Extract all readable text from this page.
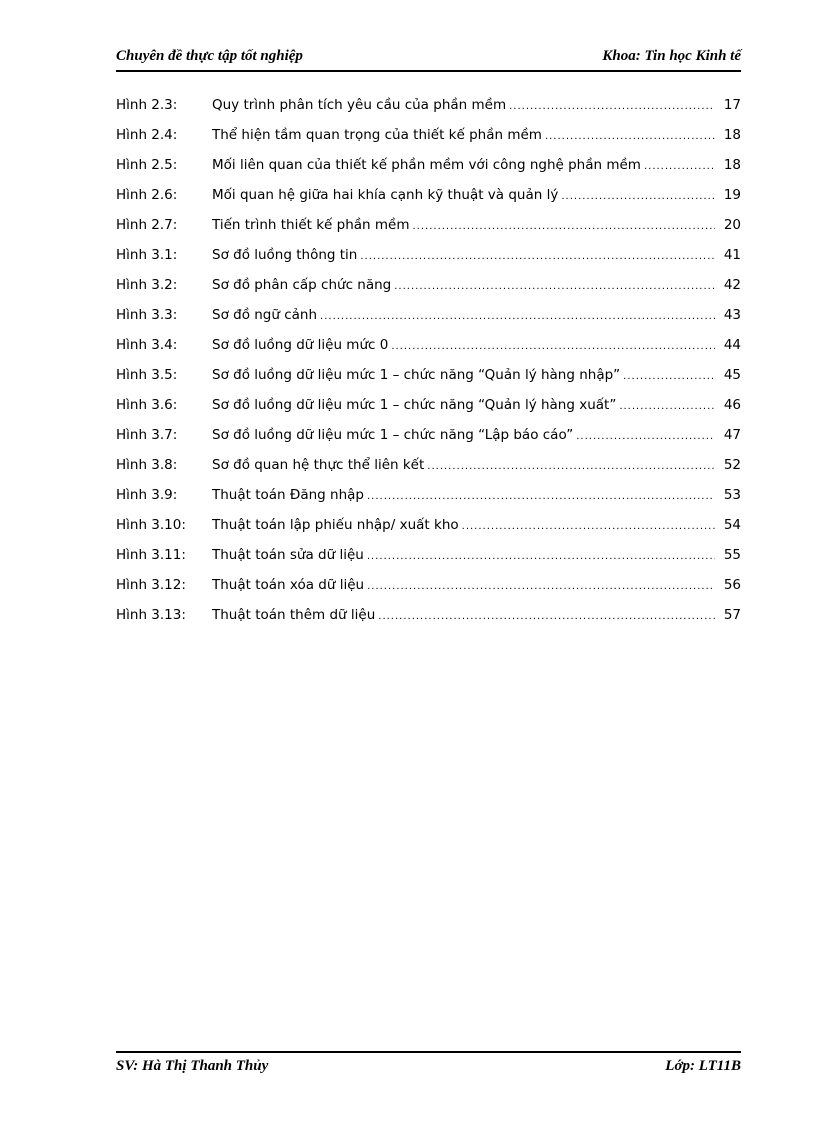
Chuyên đề thực tập tốt nghiệp	Khoa: Tin học Kinh tế
Hình 2.3:	Quy trình phân tích yêu cầu của phần mềm .....	17
Hình 2.4:	Thể hiện tầm quan trọng của thiết kế phần mềm .....	18
Hình 2.5:	Mối liên quan của thiết kế phần mềm với công nghệ phần mềm .....	18
Hình 2.6:	Mối quan hệ giữa hai khía cạnh kỹ thuật và quản lý .....	19
Hình 2.7:	Tiến trình thiết kế phần mềm .....	20
Hình 3.1:	Sơ đồ luồng thông tin .....	41
Hình 3.2:	Sơ đồ phân cấp chức năng .....	42
Hình 3.3:	Sơ đồ ngữ cảnh .....	43
Hình 3.4:	Sơ đồ luồng dữ liệu mức 0 .....	44
Hình 3.5:	Sơ đồ luồng dữ liệu mức 1 – chức năng “Quản lý hàng nhập” .....	45
Hình 3.6:	Sơ đồ luồng dữ liệu mức 1 – chức năng “Quản lý hàng xuất” .....	46
Hình 3.7:	Sơ đồ luồng dữ liệu mức 1 – chức năng “Lập báo cáo” .....	47
Hình 3.8:	Sơ đồ quan hệ thực thể liên kết .....	52
Hình 3.9:	Thuật toán Đăng nhập .....	53
Hình 3.10:	Thuật toán lập phiếu nhập/ xuất kho .....	54
Hình 3.11:	Thuật toán sửa dữ liệu .....	55
Hình 3.12:	Thuật toán xóa dữ liệu .....	56
Hình 3.13:	Thuật toán thêm dữ liệu .....	57
SV: Hà Thị Thanh Thủy	Lớp: LT11B
